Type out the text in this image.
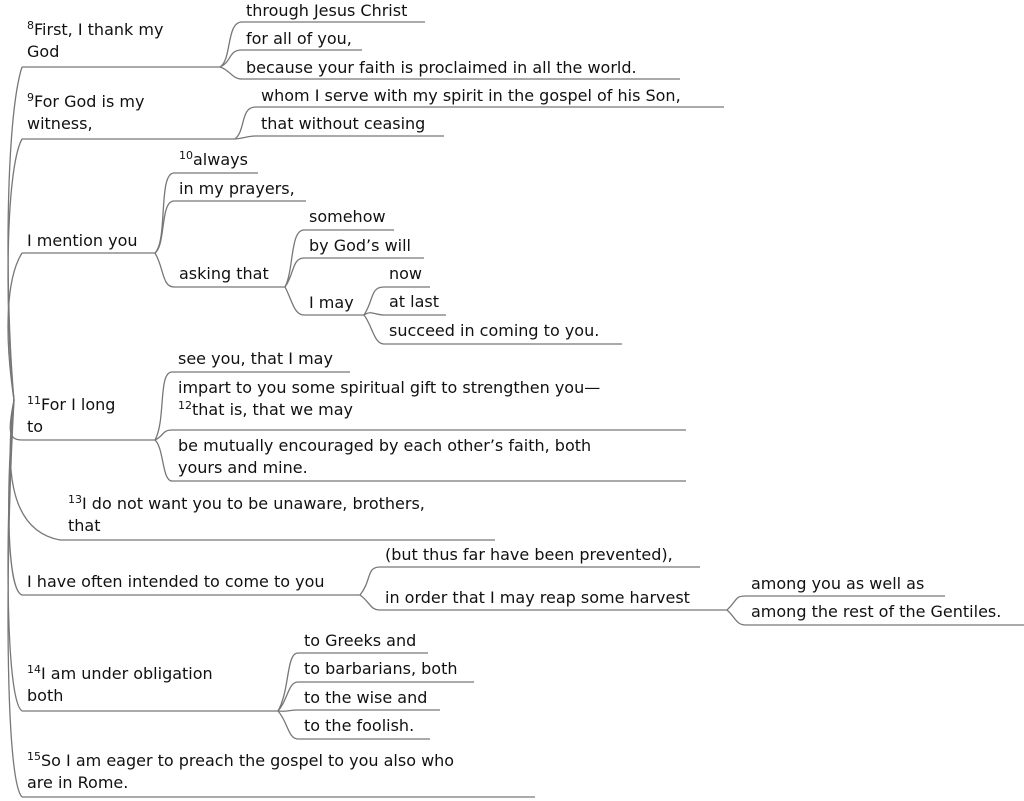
$^8$First, I thank my
God
through Jesus Christ
for all of you,
because your faith is proclaimed in all the world.
$^9$For God is my
witness,
whom I serve with my spirit in the gospel of his Son,
that without ceasing
I mention you
$^{10}$always
in my prayers,
asking that
somehow
by God’s will
I may
now
at last
succeed in coming to you.
$^{11}$For I long
to
see you, that I may
impart to you some spiritual gift to strengthen you—
$^{12}$that is, that we may
be mutually encouraged by each other’s faith, both
yours and mine.
$^{13}$I do not want you to be unaware, brothers,
that
I have often intended to come to you
(but thus far have been prevented),
in order that I may reap some harvest
among you as well as
among the rest of the Gentiles.
$^{14}$I am under obligation
both
to Greeks and
to barbarians, both
to the wise and
to the foolish.
$^{15}$So I am eager to preach the gospel to you also who
are in Rome.
